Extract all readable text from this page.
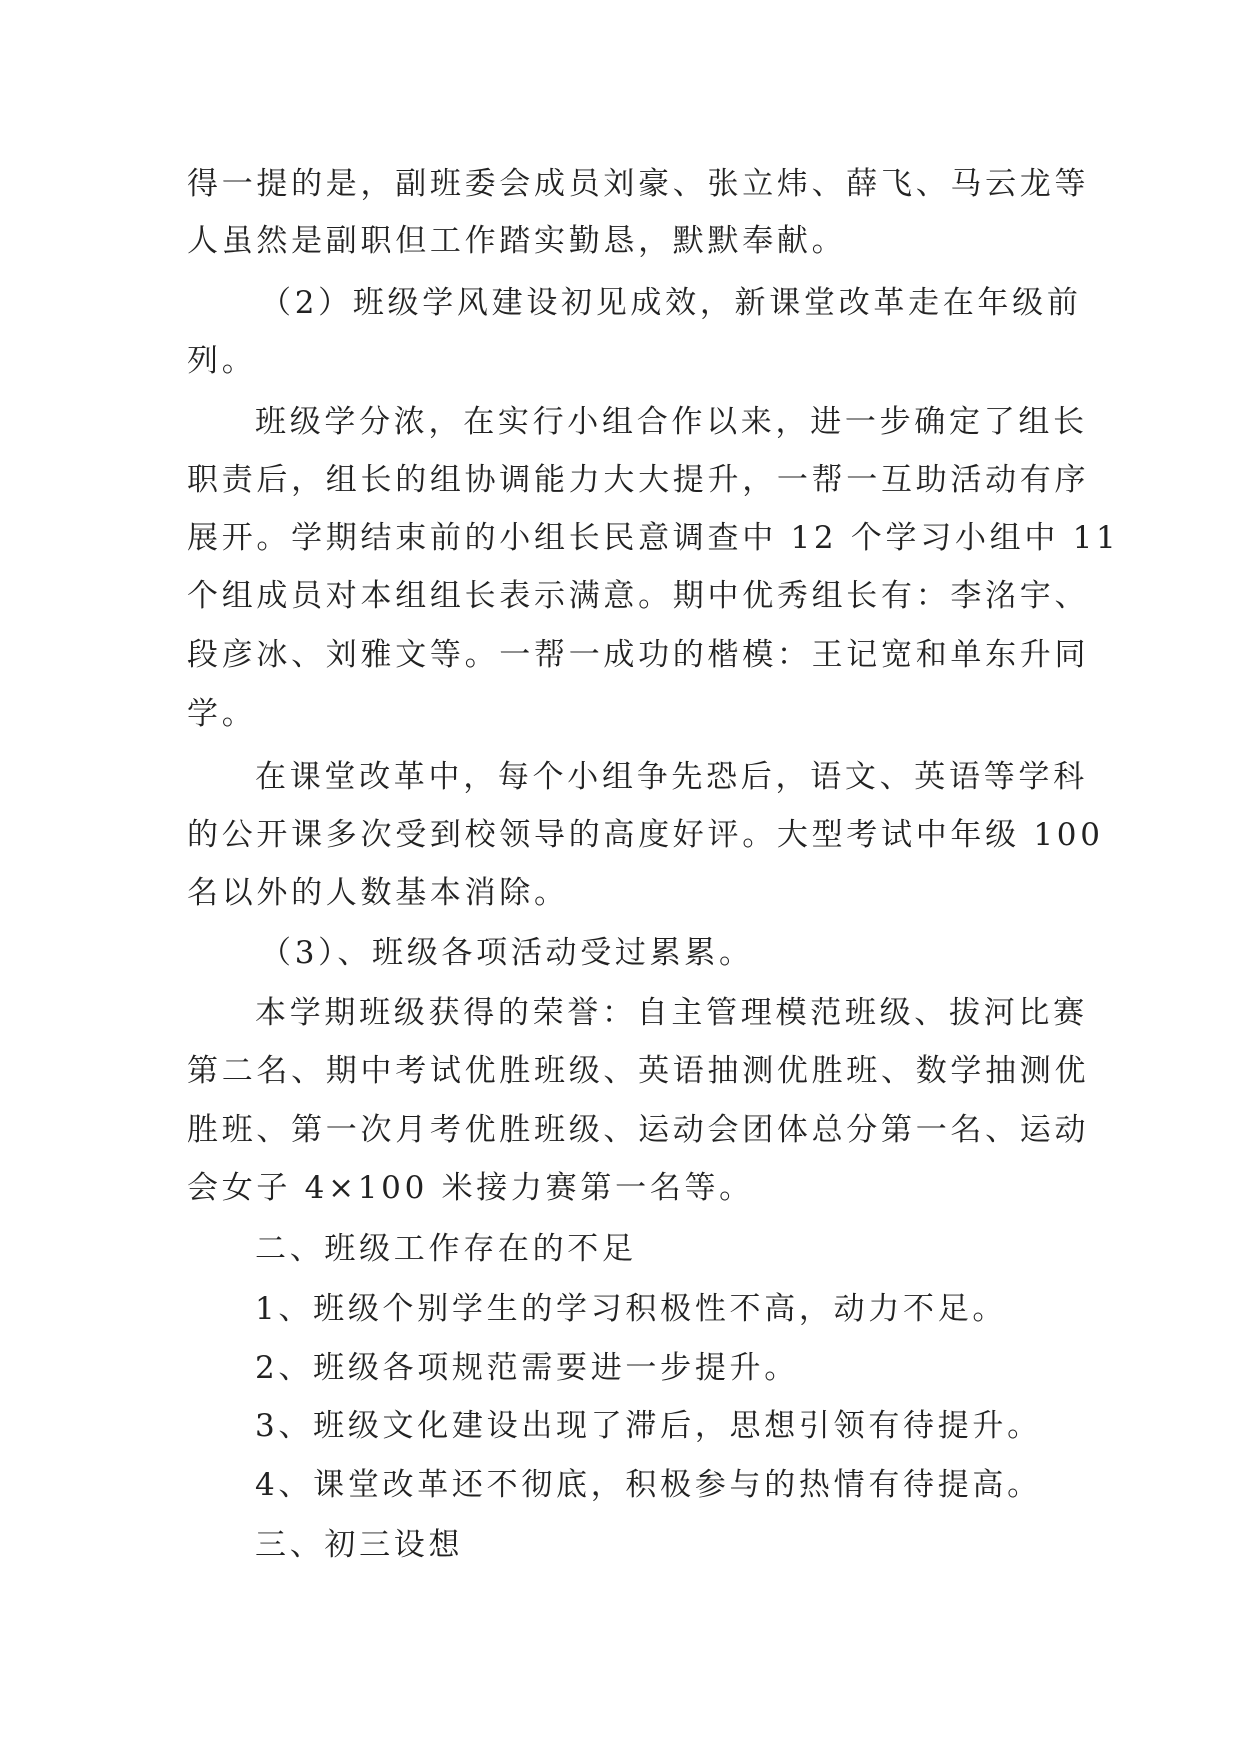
得一提的是，副班委会成员刘豪、张立炜、薛飞、马云龙等
人虽然是副职但工作踏实勤恳，默默奉献。
（2）班级学风建设初见成效，新课堂改革走在年级前
列。
班级学分浓，在实行小组合作以来，进一步确定了组长
职责后，组长的组协调能力大大提升，一帮一互助活动有序
展开。学期结束前的小组长民意调查中 12 个学习小组中 11
个组成员对本组组长表示满意。期中优秀组长有：李洺宇、
段彦冰、刘雅文等。一帮一成功的楷模：王记宽和单东升同
学。
在课堂改革中，每个小组争先恐后，语文、英语等学科
的公开课多次受到校领导的高度好评。大型考试中年级 100
名以外的人数基本消除。
（3）、班级各项活动受过累累。
本学期班级获得的荣誉：自主管理模范班级、拔河比赛
第二名、期中考试优胜班级、英语抽测优胜班、数学抽测优
胜班、第一次月考优胜班级、运动会团体总分第一名、运动
会女子 4×100 米接力赛第一名等。
二、班级工作存在的不足
1、班级个别学生的学习积极性不高，动力不足。
2、班级各项规范需要进一步提升。
3、班级文化建设出现了滞后，思想引领有待提升。
4、课堂改革还不彻底，积极参与的热情有待提高。
三、初三设想
